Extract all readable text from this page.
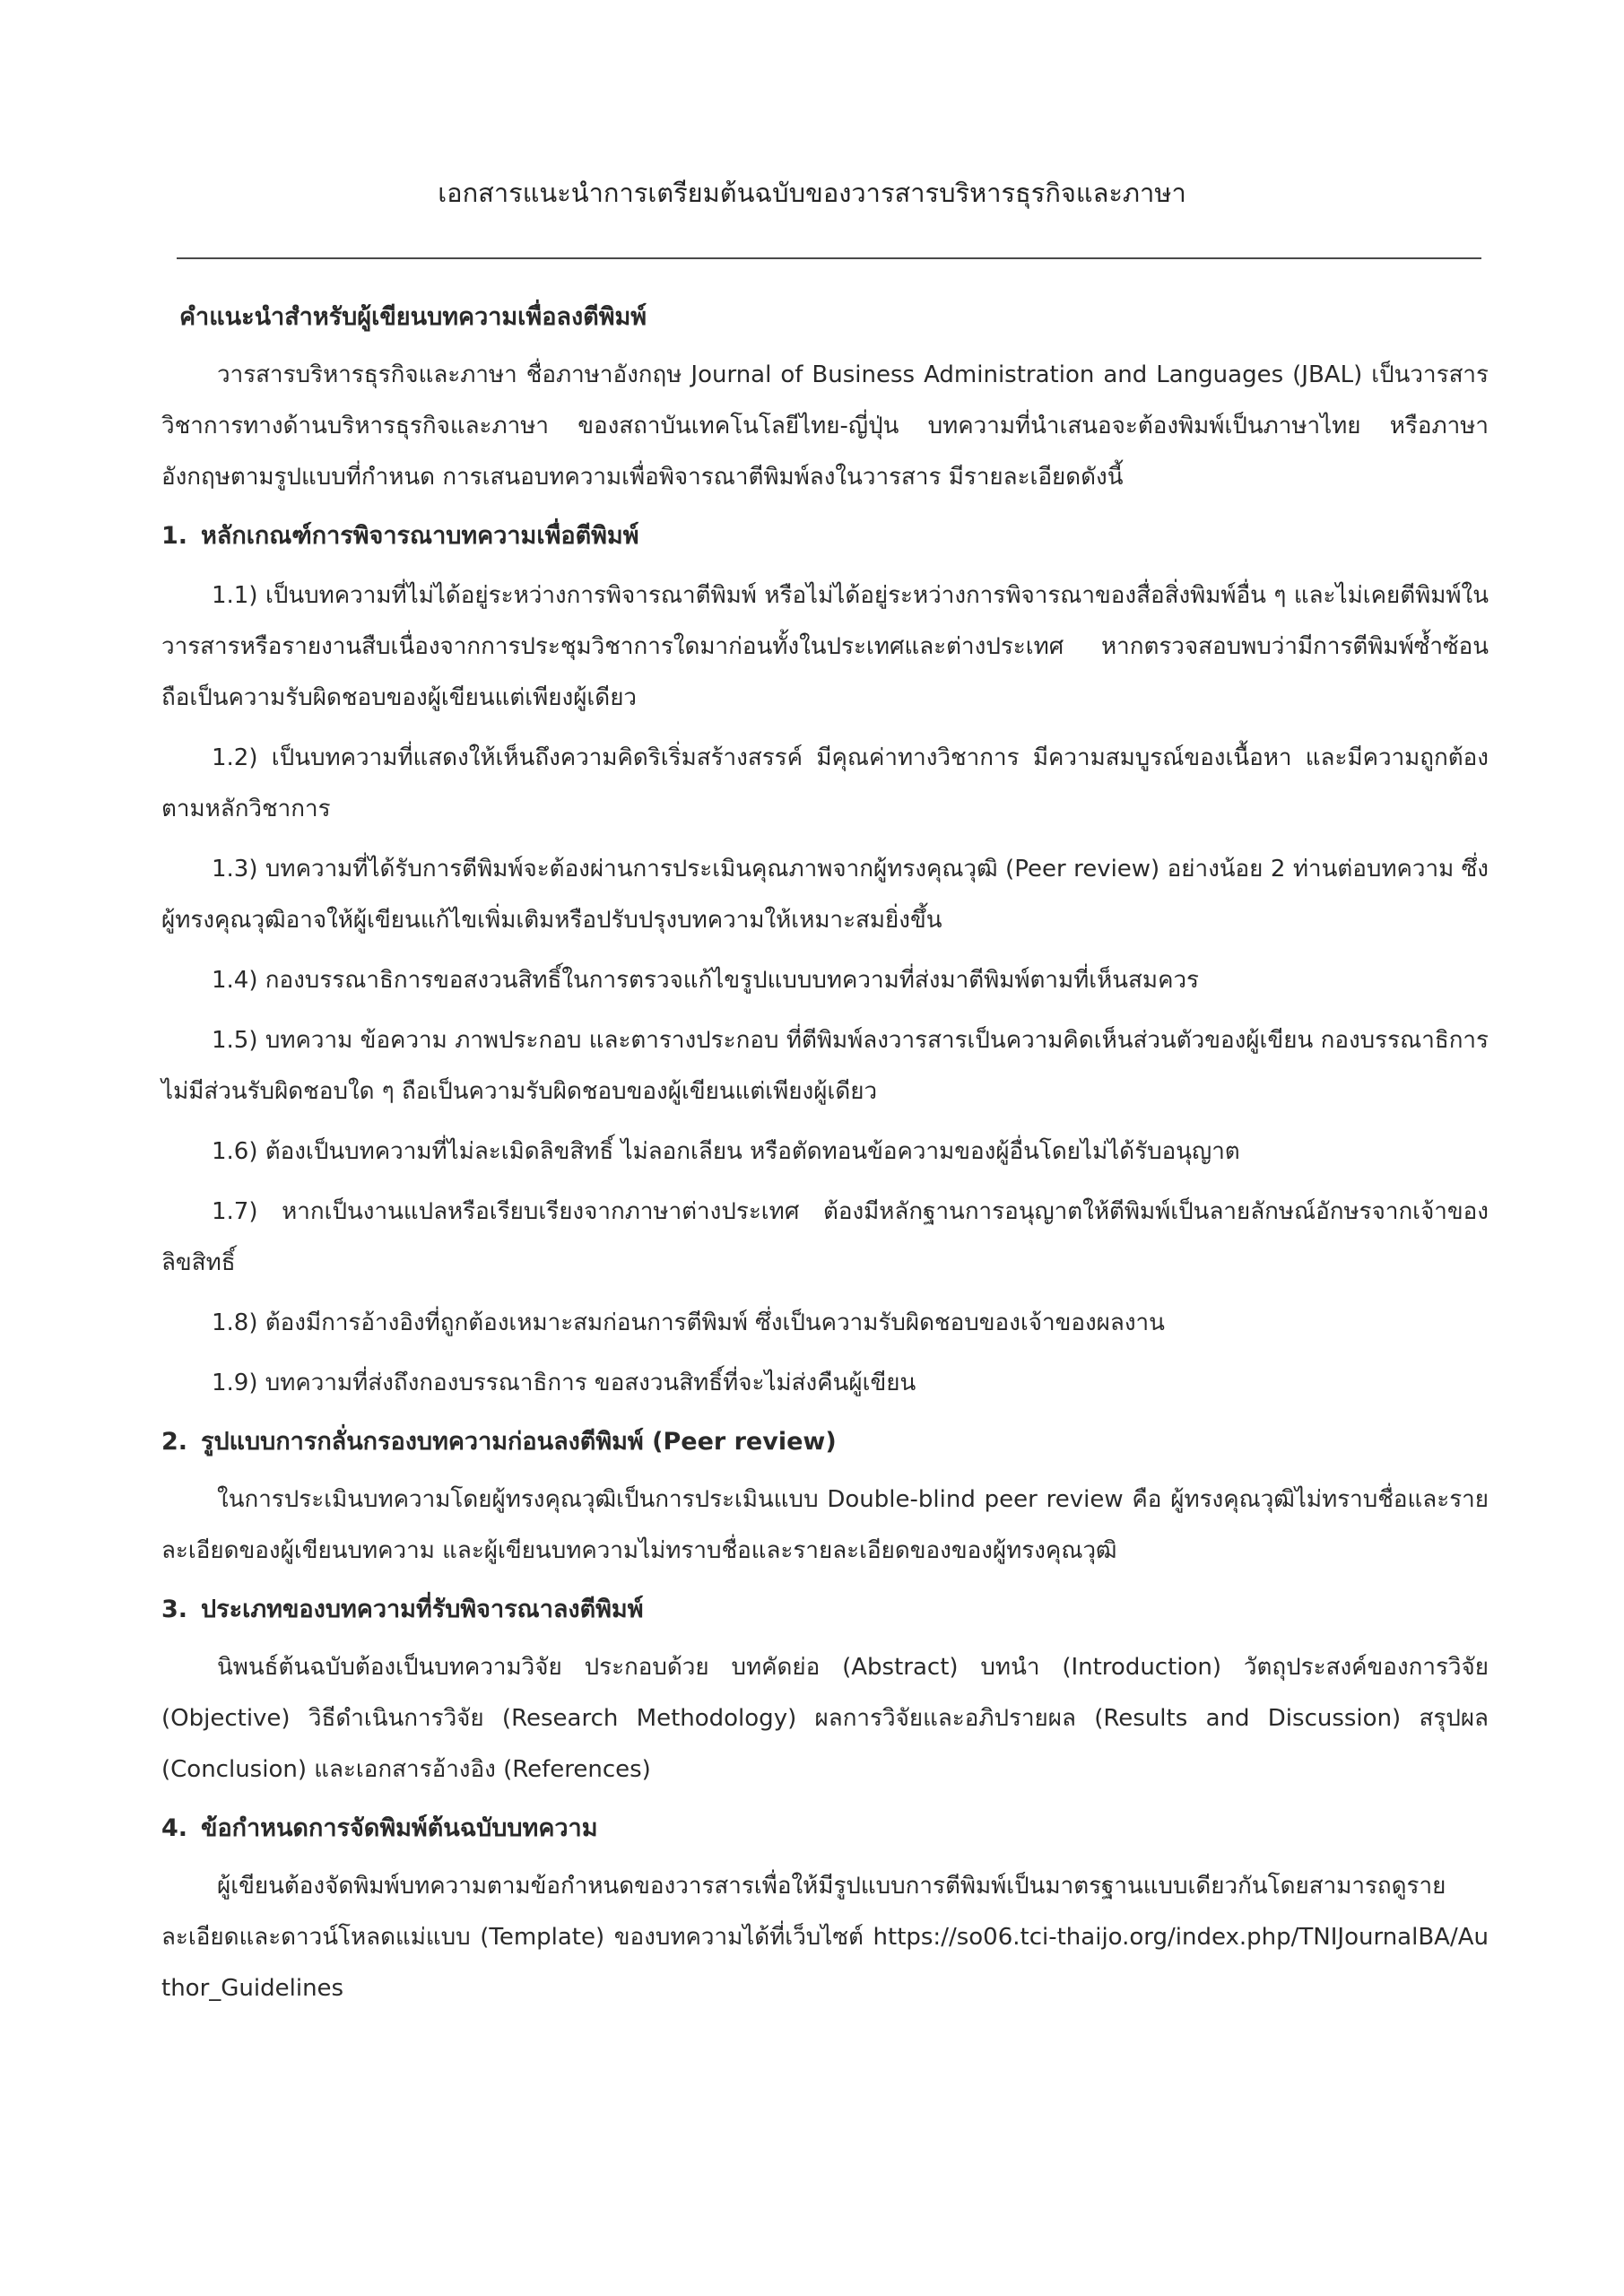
เอกสารแนะนำการเตรียมต้นฉบับของวารสารบริหารธุรกิจและภาษา

คำแนะนำสำหรับผู้เขียนบทความเพื่อลงตีพิมพ์

วารสารบริหารธุรกิจและภาษา ชื่อภาษาอังกฤษ Journal of Business Administration and Languages (JBAL) เป็นวารสารวิชาการทางด้านบริหารธุรกิจและภาษา ของสถาบันเทคโนโลยีไทย-ญี่ปุ่น บทความที่นำเสนอจะต้องพิมพ์เป็นภาษาไทย หรือภาษาอังกฤษตามรูปแบบที่กำหนด การเสนอบทความเพื่อพิจารณาตีพิมพ์ลงในวารสาร มีรายละเอียดดังนี้

1. หลักเกณฑ์การพิจารณาบทความเพื่อตีพิมพ์

1.1) เป็นบทความที่ไม่ได้อยู่ระหว่างการพิจารณาตีพิมพ์ หรือไม่ได้อยู่ระหว่างการพิจารณาของสื่อสิ่งพิมพ์อื่น ๆ และไม่เคยตีพิมพ์ในวารสารหรือรายงานสืบเนื่องจากการประชุมวิชาการใดมาก่อนทั้งในประเทศและต่างประเทศ หากตรวจสอบพบว่ามีการตีพิมพ์ซ้ำซ้อน ถือเป็นความรับผิดชอบของผู้เขียนแต่เพียงผู้เดียว

1.2) เป็นบทความที่แสดงให้เห็นถึงความคิดริเริ่มสร้างสรรค์ มีคุณค่าทางวิชาการ มีความสมบูรณ์ของเนื้อหา และมีความถูกต้องตามหลักวิชาการ

1.3) บทความที่ได้รับการตีพิมพ์จะต้องผ่านการประเมินคุณภาพจากผู้ทรงคุณวุฒิ (Peer review) อย่างน้อย 2 ท่านต่อบทความ ซึ่งผู้ทรงคุณวุฒิอาจให้ผู้เขียนแก้ไขเพิ่มเติมหรือปรับปรุงบทความให้เหมาะสมยิ่งขึ้น

1.4) กองบรรณาธิการขอสงวนสิทธิ์ในการตรวจแก้ไขรูปแบบบทความที่ส่งมาตีพิมพ์ตามที่เห็นสมควร

1.5) บทความ ข้อความ ภาพประกอบ และตารางประกอบ ที่ตีพิมพ์ลงวารสารเป็นความคิดเห็นส่วนตัวของผู้เขียน กองบรรณาธิการไม่มีส่วนรับผิดชอบใด ๆ ถือเป็นความรับผิดชอบของผู้เขียนแต่เพียงผู้เดียว

1.6) ต้องเป็นบทความที่ไม่ละเมิดลิขสิทธิ์ ไม่ลอกเลียน หรือตัดทอนข้อความของผู้อื่นโดยไม่ได้รับอนุญาต

1.7) หากเป็นงานแปลหรือเรียบเรียงจากภาษาต่างประเทศ ต้องมีหลักฐานการอนุญาตให้ตีพิมพ์เป็นลายลักษณ์อักษรจากเจ้าของลิขสิทธิ์

1.8) ต้องมีการอ้างอิงที่ถูกต้องเหมาะสมก่อนการตีพิมพ์ ซึ่งเป็นความรับผิดชอบของเจ้าของผลงาน

1.9) บทความที่ส่งถึงกองบรรณาธิการ ขอสงวนสิทธิ์ที่จะไม่ส่งคืนผู้เขียน

2. รูปแบบการกลั่นกรองบทความก่อนลงตีพิมพ์ (Peer review)

ในการประเมินบทความโดยผู้ทรงคุณวุฒิเป็นการประเมินแบบ Double-blind peer review คือ ผู้ทรงคุณวุฒิไม่ทราบชื่อและรายละเอียดของผู้เขียนบทความ และผู้เขียนบทความไม่ทราบชื่อและรายละเอียดของของผู้ทรงคุณวุฒิ

3. ประเภทของบทความที่รับพิจารณาลงตีพิมพ์

นิพนธ์ต้นฉบับต้องเป็นบทความวิจัย ประกอบด้วย บทคัดย่อ (Abstract) บทนำ (Introduction) วัตถุประสงค์ของการวิจัย (Objective) วิธีดำเนินการวิจัย (Research Methodology) ผลการวิจัยและอภิปรายผล (Results and Discussion) สรุปผล (Conclusion) และเอกสารอ้างอิง (References)

4. ข้อกำหนดการจัดพิมพ์ต้นฉบับบทความ

ผู้เขียนต้องจัดพิมพ์บทความตามข้อกำหนดของวารสารเพื่อให้มีรูปแบบการตีพิมพ์เป็นมาตรฐานแบบเดียวกันโดยสามารถดูรายละเอียดและดาวน์โหลดแม่แบบ (Template) ของบทความได้ที่เว็บไซต์ https://so06.tci-thaijo.org/index.php/TNIJournalBA/Author_Guidelines
